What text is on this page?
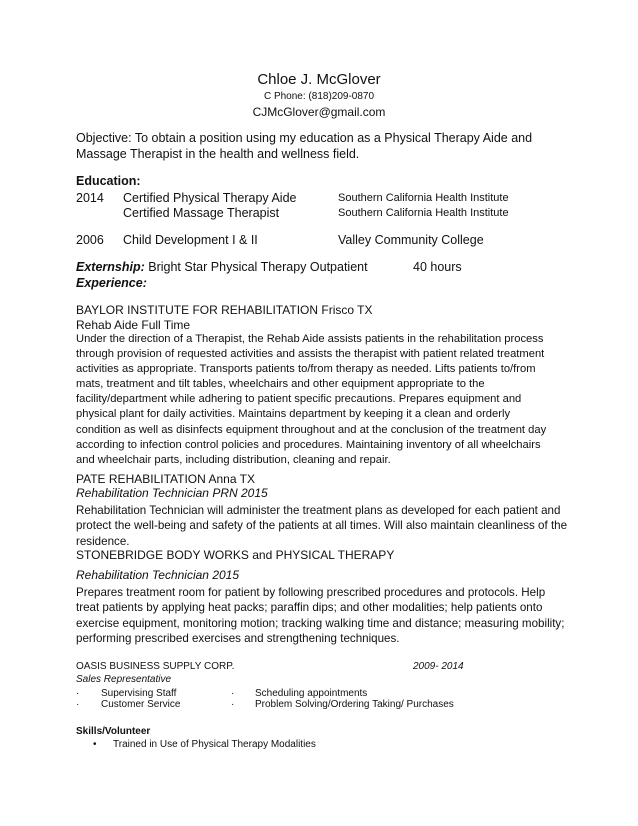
Chloe J. McGlover
C Phone: (818)209-0870
CJMcGlover@gmail.com
Objective: To obtain a position using my education as a Physical Therapy Aide and
Massage Therapist in the health and wellness field.
Education:
2014 Certified Physical Therapy Aide	Southern California Health Institute
Certified Massage Therapist	Southern California Health Institute
2006 Child Development I & II	Valley Community College
Externship: Bright Star Physical Therapy Outpatient	40 hours
Experience:
BAYLOR INSTITUTE FOR REHABILITATION Frisco TX
Rehab Aide Full Time
Under the direction of a Therapist, the Rehab Aide assists patients in the rehabilitation process
through provision of requested activities and assists the therapist with patient related treatment
activities as appropriate. Transports patients to/from therapy as needed. Lifts patients to/from
mats, treatment and tilt tables, wheelchairs and other equipment appropriate to the
facility/department while adhering to patient specific precautions. Prepares equipment and
physical plant for daily activities. Maintains department by keeping it a clean and orderly
condition as well as disinfects equipment throughout and at the conclusion of the treatment day
according to infection control policies and procedures. Maintaining inventory of all wheelchairs
and wheelchair parts, including distribution, cleaning and repair.
PATE REHABILITATION Anna TX
Rehabilitation Technician PRN 2015
Rehabilitation Technician will administer the treatment plans as developed for each patient and
protect the well-being and safety of the patients at all times. Will also maintain cleanliness of the
residence.
STONEBRIDGE BODY WORKS and PHYSICAL THERAPY
Rehabilitation Technician 2015
Prepares treatment room for patient by following prescribed procedures and protocols. Help
treat patients by applying heat packs; paraffin dips; and other modalities; help patients onto
exercise equipment, monitoring motion; tracking walking time and distance; measuring mobility;
performing prescribed exercises and strengthening techniques.
OASIS BUSINESS SUPPLY CORP.	2009- 2014
Sales Representative
· Supervising Staff	· Scheduling appointments
· Customer Service	· Problem Solving/Ordering Taking/ Purchases
Skills/Volunteer
• Trained in Use of Physical Therapy Modalities
